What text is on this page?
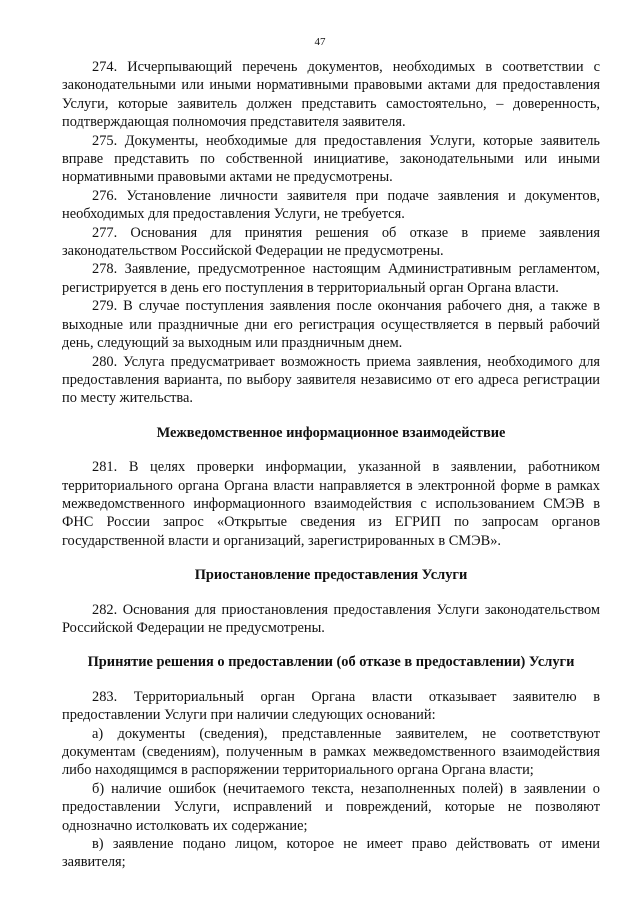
47

274. Исчерпывающий перечень документов, необходимых в соответствии с законодательными или иными нормативными правовыми актами для предоставления Услуги, которые заявитель должен представить самостоятельно, – доверенность, подтверждающая полномочия представителя заявителя.

275. Документы, необходимые для предоставления Услуги, которые заявитель вправе представить по собственной инициативе, законодательными или иными нормативными правовыми актами не предусмотрены.

276. Установление личности заявителя при подаче заявления и документов, необходимых для предоставления Услуги, не требуется.

277. Основания для принятия решения об отказе в приеме заявления законодательством Российской Федерации не предусмотрены.

278. Заявление, предусмотренное настоящим Административным регламентом, регистрируется в день его поступления в территориальный орган Органа власти.

279. В случае поступления заявления после окончания рабочего дня, а также в выходные или праздничные дни его регистрация осуществляется в первый рабочий день, следующий за выходным или праздничным днем.

280. Услуга предусматривает возможность приема заявления, необходимого для предоставления варианта, по выбору заявителя независимо от его адреса регистрации по месту жительства.

Межведомственное информационное взаимодействие

281. В целях проверки информации, указанной в заявлении, работником территориального органа Органа власти направляется в электронной форме в рамках межведомственного информационного взаимодействия с использованием СМЭВ в ФНС России запрос «Открытые сведения из ЕГРИП по запросам органов государственной власти и организаций, зарегистрированных в СМЭВ».

Приостановление предоставления Услуги

282. Основания для приостановления предоставления Услуги законодательством Российской Федерации не предусмотрены.

Принятие решения о предоставлении (об отказе в предоставлении) Услуги

283. Территориальный орган Органа власти отказывает заявителю в предоставлении Услуги при наличии следующих оснований:

а) документы (сведения), представленные заявителем, не соответствуют документам (сведениям), полученным в рамках межведомственного взаимодействия либо находящимся в распоряжении территориального органа Органа власти;

б) наличие ошибок (нечитаемого текста, незаполненных полей) в заявлении о предоставлении Услуги, исправлений и повреждений, которые не позволяют однозначно истолковать их содержание;

в) заявление подано лицом, которое не имеет право действовать от имени заявителя;
